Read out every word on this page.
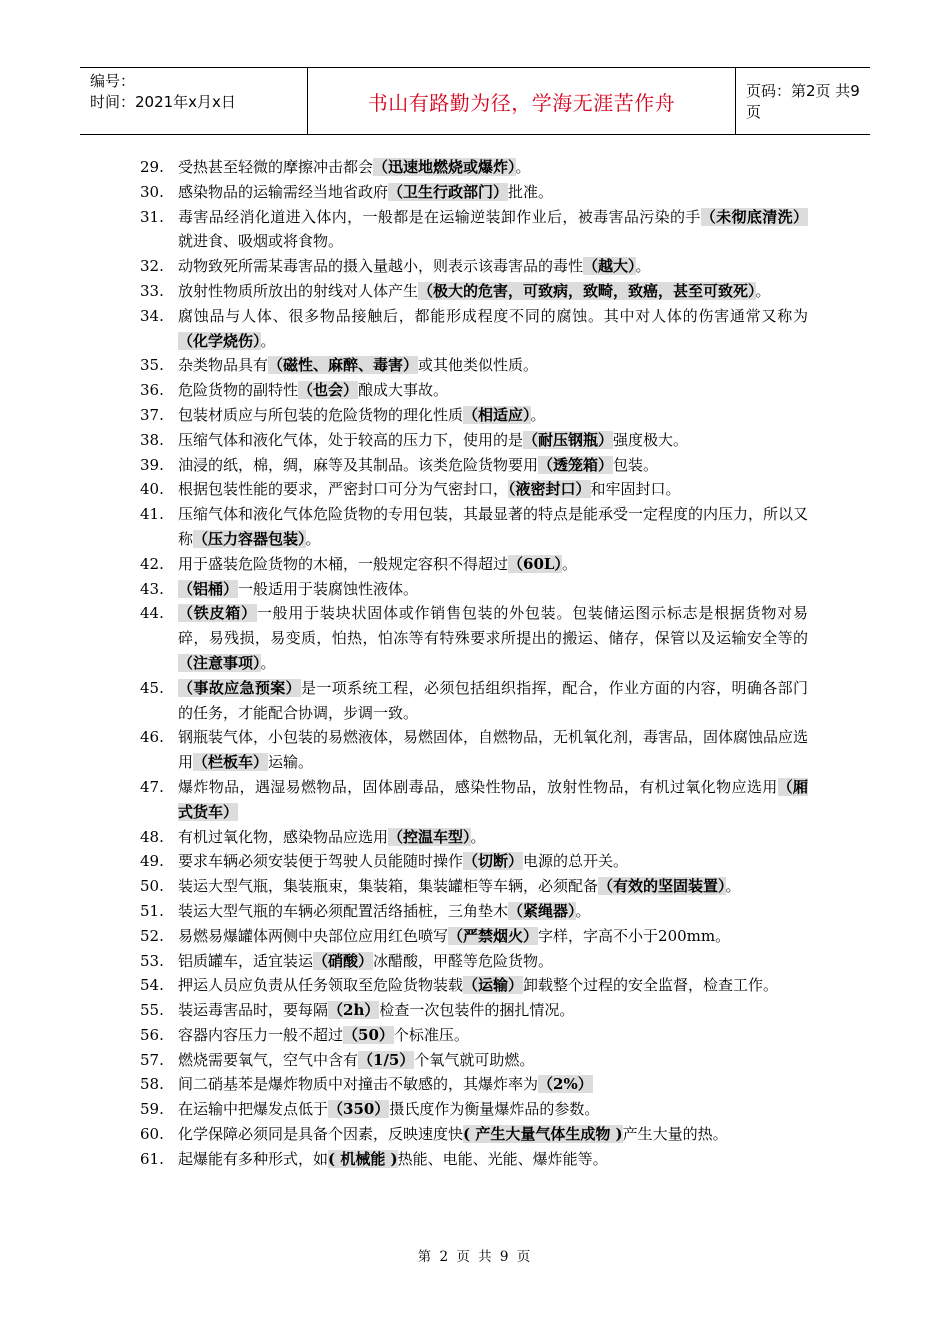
编号：
时间：2021年x月x日	书山有路勤为径，学海无涯苦作舟	页码：第2页 共9页
29. 受热甚至轻微的摩擦冲击都会（迅速地燃烧或爆炸）。
30. 感染物品的运输需经当地省政府（卫生行政部门）批准。
31. 毒害品经消化道进入体内，一般都是在运输逆装卸作业后，被毒害品污染的手（未彻底清洗）就进食、吸烟或将食物。
32. 动物致死所需某毒害品的摄入量越小，则表示该毒害品的毒性（越大）。
33. 放射性物质所放出的射线对人体产生（极大的危害，可致病，致畸，致癌，甚至可致死）。
34. 腐蚀品与人体、很多物品接触后，都能形成程度不同的腐蚀。其中对人体的伤害通常又称为（化学烧伤）。
35. 杂类物品具有（磁性、麻醉、毒害）或其他类似性质。
36. 危险货物的副特性（也会）酿成大事故。
37. 包装材质应与所包装的危险货物的理化性质（相适应）。
38. 压缩气体和液化气体，处于较高的压力下，使用的是（耐压钢瓶）强度极大。
39. 油浸的纸，棉，绸，麻等及其制品。该类危险货物要用（透笼箱）包装。
40. 根据包装性能的要求，严密封口可分为气密封口，（液密封口）和牢固封口。
41. 压缩气体和液化气体危险货物的专用包装，其最显著的特点是能承受一定程度的内压力，所以又称（压力容器包装）。
42. 用于盛装危险货物的木桶，一般规定容积不得超过（60L）。
43. （铝桶）一般适用于装腐蚀性液体。
44. （铁皮箱）一般用于装块状固体或作销售包装的外包装。包装储运图示标志是根据货物对易碎，易残损，易变质，怕热，怕冻等有特殊要求所提出的搬运、储存，保管以及运输安全等的（注意事项）。
45. （事故应急预案）是一项系统工程，必须包括组织指挥，配合，作业方面的内容，明确各部门的任务，才能配合协调，步调一致。
46. 钢瓶装气体，小包装的易燃液体，易燃固体，自燃物品，无机氧化剂，毒害品，固体腐蚀品应选用（栏板车）运输。
47. 爆炸物品，遇湿易燃物品，固体剧毒品，感染性物品，放射性物品，有机过氧化物应选用（厢式货车）
48. 有机过氧化物，感染物品应选用（控温车型）。
49. 要求车辆必须安装便于驾驶人员能随时操作（切断）电源的总开关。
50. 装运大型气瓶，集装瓶束，集装箱，集装罐柜等车辆，必须配备（有效的坚固装置）。
51. 装运大型气瓶的车辆必须配置活络插桩，三角垫木（紧绳器）。
52. 易燃易爆罐体两侧中央部位应用红色喷写（严禁烟火）字样，字高不小于200mm。
53. 铝质罐车，适宜装运（硝酸）冰醋酸，甲醛等危险货物。
54. 押运人员应负责从任务领取至危险货物装载（运输）卸载整个过程的安全监督，检查工作。
55. 装运毒害品时，要每隔（2h）检查一次包装件的捆扎情况。
56. 容器内容压力一般不超过（50）个标准压。
57. 燃烧需要氧气，空气中含有（1/5）个氧气就可助燃。
58. 间二硝基苯是爆炸物质中对撞击不敏感的，其爆炸率为（2%）
59. 在运输中把爆发点低于（350）摄氏度作为衡量爆炸品的参数。
60. 化学保障必须同是具备个因素，反映速度快( 产生大量气体生成物 )产生大量的热。
61. 起爆能有多种形式，如( 机械能 )热能、电能、光能、爆炸能等。
第 2 页 共 9 页
